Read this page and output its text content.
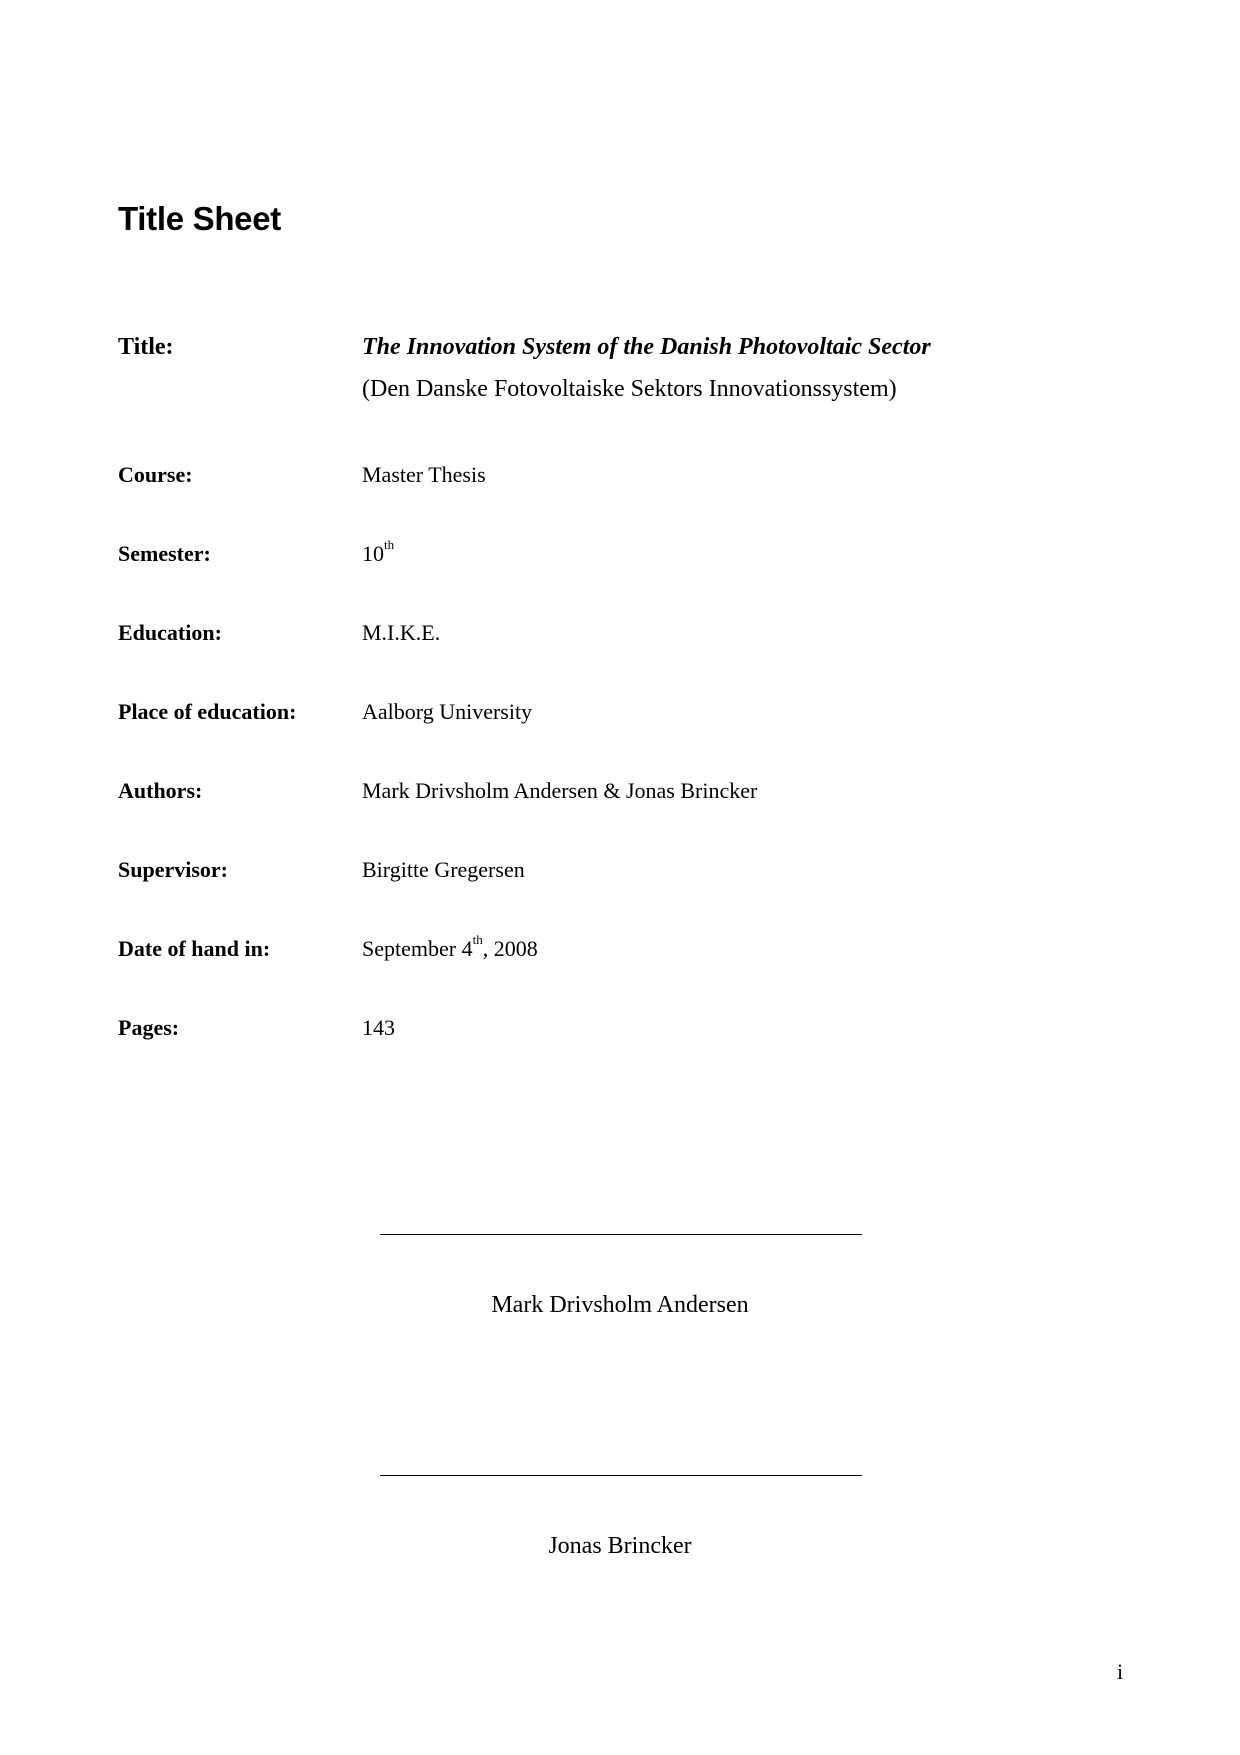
Title Sheet
Title:	The Innovation System of the Danish Photovoltaic Sector
(Den Danske Fotovoltaiske Sektors Innovationssystem)
Course:	Master Thesis
Semester:	10th
Education:	M.I.K.E.
Place of education:	Aalborg University
Authors:	Mark Drivsholm Andersen & Jonas Brincker
Supervisor:	Birgitte Gregersen
Date of hand in:	September 4th, 2008
Pages:	143
Mark Drivsholm Andersen
Jonas Brincker
i
